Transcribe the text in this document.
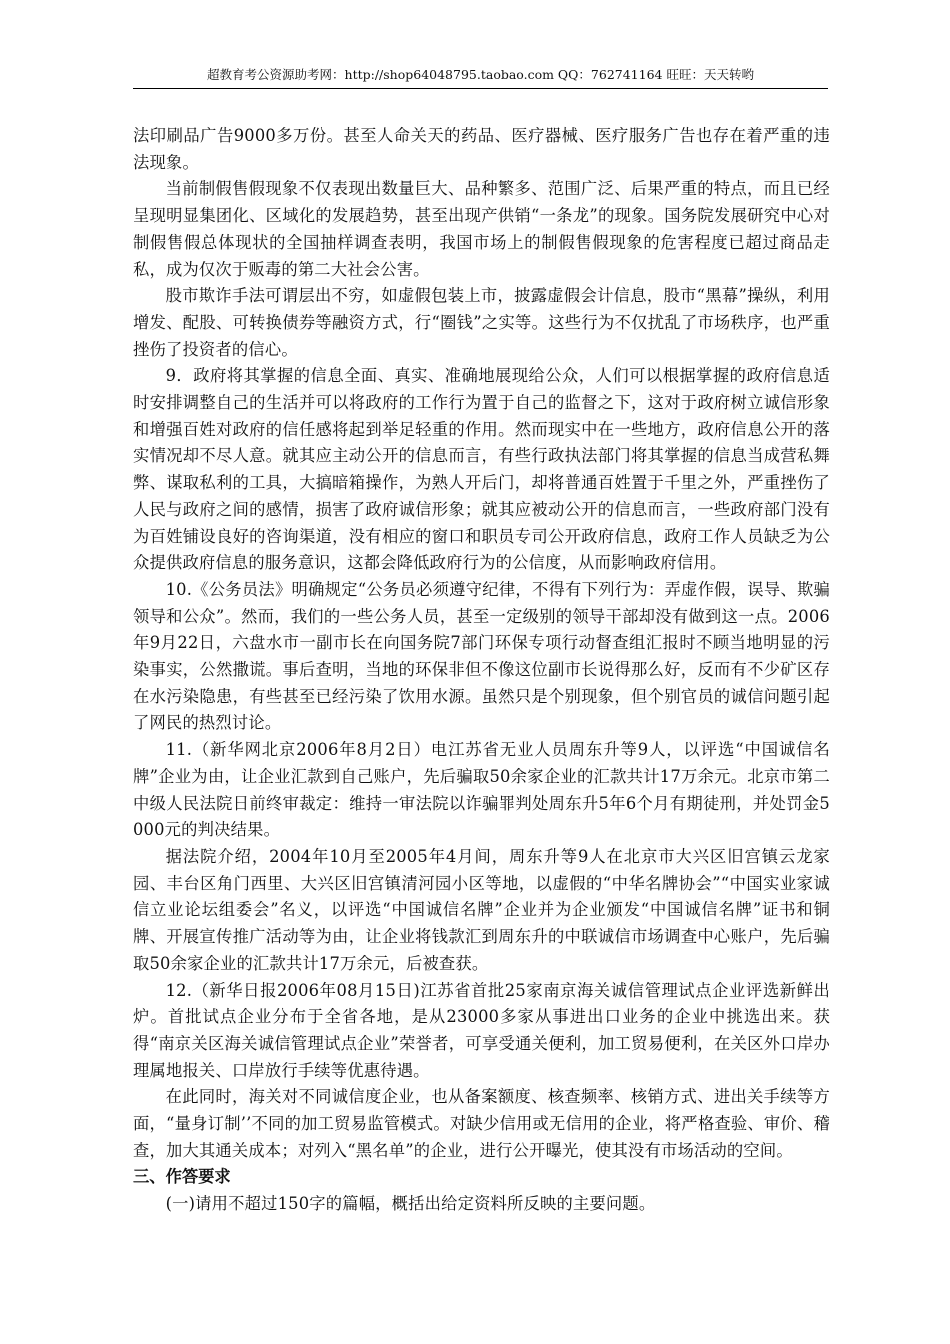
超教育考公资源助考网：http://shop64048795.taobao.com QQ：762741164 旺旺：天天转哟

法印刷品广告9000多万份。甚至人命关天的药品、医疗器械、医疗服务广告也存在着严重的违法现象。

当前制假售假现象不仅表现出数量巨大、品种繁多、范围广泛、后果严重的特点，而且已经呈现明显集团化、区域化的发展趋势，甚至出现产供销“一条龙”的现象。国务院发展研究中心对制假售假总体现状的全国抽样调查表明，我国市场上的制假售假现象的危害程度已超过商品走私，成为仅次于贩毒的第二大社会公害。

股市欺诈手法可谓层出不穷，如虚假包装上市，披露虚假会计信息，股市“黑幕”操纵，利用增发、配股、可转换债券等融资方式，行“圈钱”之实等。这些行为不仅扰乱了市场秩序，也严重挫伤了投资者的信心。

9．政府将其掌握的信息全面、真实、准确地展现给公众，人们可以根据掌握的政府信息适时安排调整自己的生活并可以将政府的工作行为置于自己的监督之下，这对于政府树立诚信形象和增强百姓对政府的信任感将起到举足轻重的作用。然而现实中在一些地方，政府信息公开的落实情况却不尽人意。就其应主动公开的信息而言，有些行政执法部门将其掌握的信息当成营私舞弊、谋取私利的工具，大搞暗箱操作，为熟人开后门，却将普通百姓置于千里之外，严重挫伤了人民与政府之间的感情，损害了政府诚信形象；就其应被动公开的信息而言，一些政府部门没有为百姓铺设良好的咨询渠道，没有相应的窗口和职员专司公开政府信息，政府工作人员缺乏为公众提供政府信息的服务意识，这都会降低政府行为的公信度，从而影响政府信用。

10.《公务员法》明确规定“公务员必须遵守纪律，不得有下列行为：弄虚作假，误导、欺骗领导和公众”。然而，我们的一些公务人员，甚至一定级别的领导干部却没有做到这一点。2006年9月22日，六盘水市一副市长在向国务院7部门环保专项行动督查组汇报时不顾当地明显的污染事实，公然撒谎。事后查明，当地的环保非但不像这位副市长说得那么好，反而有不少矿区存在水污染隐患，有些甚至已经污染了饮用水源。虽然只是个别现象，但个别官员的诚信问题引起了网民的热烈讨论。

11.（新华网北京2006年8月2日）电江苏省无业人员周东升等9人，以评选“中国诚信名牌”企业为由，让企业汇款到自己账户，先后骗取50余家企业的汇款共计17万余元。北京市第二中级人民法院日前终审裁定：维持一审法院以诈骗罪判处周东升5年6个月有期徒刑，并处罚金5000元的判决结果。

据法院介绍，2004年10月至2005年4月间，周东升等9人在北京市大兴区旧宫镇云龙家园、丰台区角门西里、大兴区旧宫镇清河园小区等地，以虚假的“中华名牌协会”“中国实业家诚信立业论坛组委会”名义，以评选“中国诚信名牌”企业并为企业颁发“中国诚信名牌”证书和铜牌、开展宣传推广活动等为由，让企业将钱款汇到周东升的中联诚信市场调查中心账户，先后骗取50余家企业的汇款共计17万余元，后被查获。

12.（新华日报2006年08月15日)江苏省首批25家南京海关诚信管理试点企业评选新鲜出炉。首批试点企业分布于全省各地，是从23000多家从事进出口业务的企业中挑选出来。获得“南京关区海关诚信管理试点企业”荣誉者，可享受通关便利，加工贸易便利，在关区外口岸办理属地报关、口岸放行手续等优惠待遇。

在此同时，海关对不同诚信度企业，也从备案额度、核查频率、核销方式、进出关手续等方　面，“量身订制’’不同的加工贸易监管模式。对缺少信用或无信用的企业，将严格查验、审价、稽查，加大其通关成本；对列入“黑名单”的企业，进行公开曝光，使其没有市场活动的空间。

三、作答要求

(一)请用不超过150字的篇幅，概括出给定资料所反映的主要问题。
